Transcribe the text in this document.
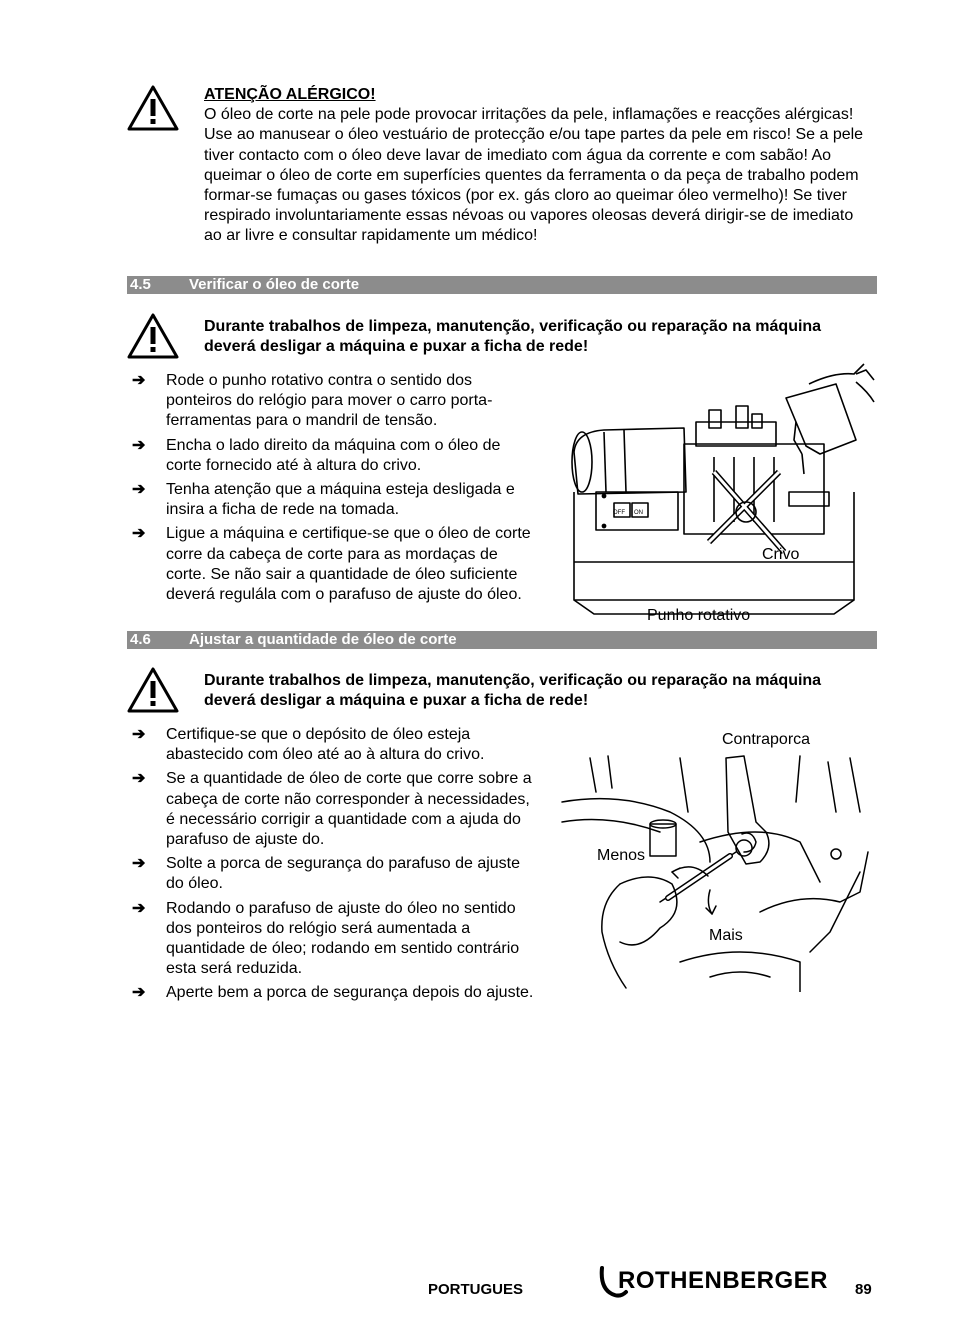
ATENÇÃO ALÉRGICO!
O óleo de corte na pele pode provocar irritações da pele, inflamações e reacções alérgicas! Use ao manusear o óleo vestuário de protecção e/ou tape partes da pele em risco! Se a pele tiver contacto com o óleo deve lavar de imediato com água da corrente e com sabão! Ao queimar o óleo de corte em superfícies quentes da ferramenta o da peça de trabalho podem formar-se fumaças ou gases tóxicos (por ex. gás cloro ao queimar óleo vermelho)! Se tiver respirado involuntariamente essas névoas ou vapores oleosas deverá dirigir-se de imediato ao ar livre e consultar rapidamente um médico!
4.5	Verificar o óleo de corte
Durante trabalhos de limpeza, manutenção, verificação ou reparação na máquina deverá desligar a máquina e puxar a ficha de rede!
➔ Rode o punho rotativo contra o sentido dos ponteiros do relógio para mover o carro porta-ferramentas para o mandril de tensão.
➔ Encha o lado direito da máquina com o óleo de corte fornecido até à altura do crivo.
➔ Tenha atenção que a máquina esteja desligada e insira a ficha de rede na tomada.
➔ Ligue a máquina e certifique-se que o óleo de corte corre da cabeça de corte para as mordaças de corte. Se não sair a quantidade de óleo suficiente deverá regulála com o parafuso de ajuste do óleo.
OFF ON
Crivo
Punho rotativo
4.6	Ajustar a quantidade de óleo de corte
Durante trabalhos de limpeza, manutenção, verificação ou reparação na máquina deverá desligar a máquina e puxar a ficha de rede!
➔ Certifique-se que o depósito de óleo esteja abastecido com óleo até ao à altura do crivo.
➔ Se a quantidade de óleo de corte que corre sobre a cabeça de corte não corresponder à necessidades, é necessário corrigir a quantidade com a ajuda do parafuso de ajuste do.
➔ Solte a porca de segurança do parafuso de ajuste do óleo.
➔ Rodando o parafuso de ajuste do óleo no sentido dos ponteiros do relógio será aumentada a quantidade de óleo; rodando em sentido contrário esta será reduzida.
➔ Aperte bem a porca de segurança depois do ajuste.
Contraporca
Menos
Mais
PORTUGUES	ROTHENBERGER 89
